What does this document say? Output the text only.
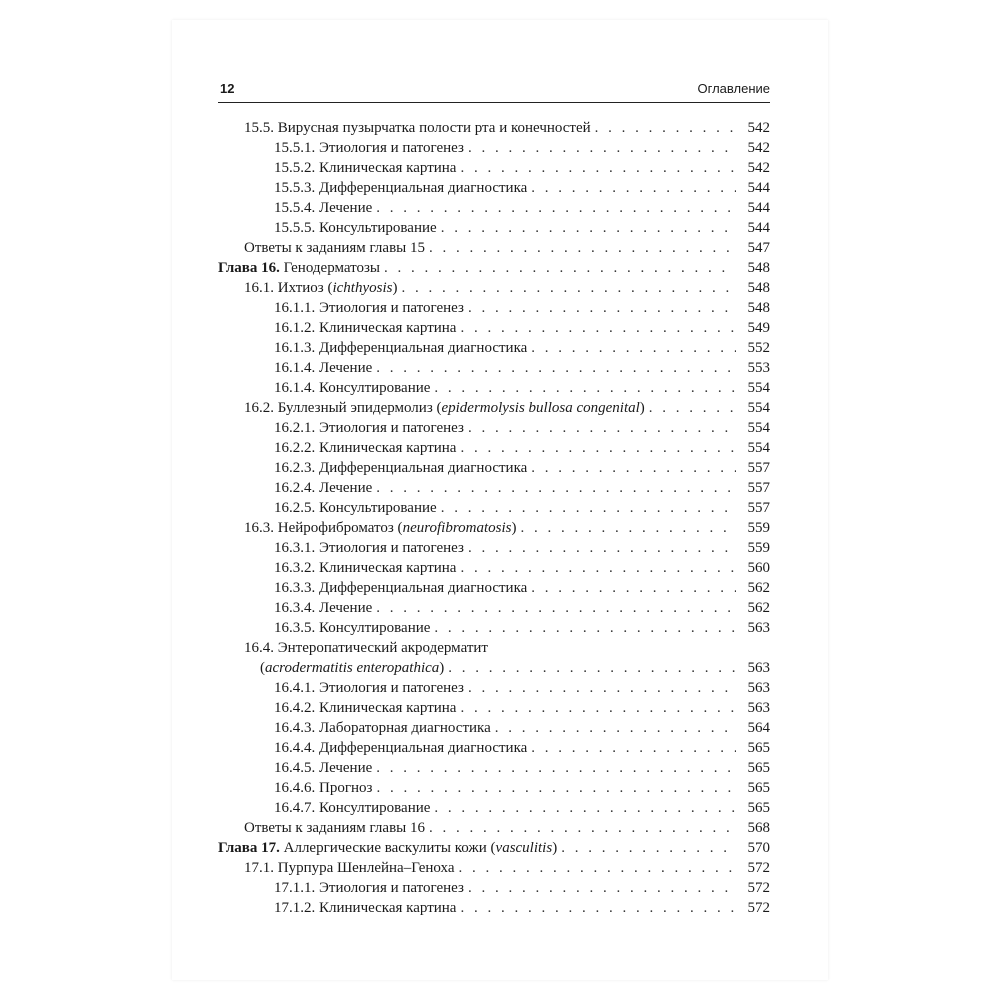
12	Оглавление
15.5. Вирусная пузырчатка полости рта и конечностей . . .	542
15.5.1. Этиология и патогенез . . .	542
15.5.2. Клиническая картина . . .	542
15.5.3. Дифференциальная диагностика . . .	544
15.5.4. Лечение . . .	544
15.5.5. Консультирование . . .	544
Ответы к заданиям главы 15 . . .	547
Глава 16. Генодерматозы . . .	548
16.1. Ихтиоз (ichthyosis) . . .	548
16.1.1. Этиология и патогенез . . .	548
16.1.2. Клиническая картина . . .	549
16.1.3. Дифференциальная диагностика . . .	552
16.1.4. Лечение . . .	553
16.1.4. Консултирование . . .	554
16.2. Буллезный эпидермолиз (epidermolysis bullosa congenital) . . .	554
16.2.1. Этиология и патогенез . . .	554
16.2.2. Клиническая картина . . .	554
16.2.3. Дифференциальная диагностика . . .	557
16.2.4. Лечение . . .	557
16.2.5. Консультирование . . .	557
16.3. Нейрофиброматоз (neurofibromatosis) . . .	559
16.3.1. Этиология и патогенез . . .	559
16.3.2. Клиническая картина . . .	560
16.3.3. Дифференциальная диагностика . . .	562
16.3.4. Лечение . . .	562
16.3.5. Консултирование . . .	563
16.4. Энтеропатический акродерматит
(acrodermatitis enteropathica) . . .	563
16.4.1. Этиология и патогенез . . .	563
16.4.2. Клиническая картина . . .	563
16.4.3. Лабораторная диагностика . . .	564
16.4.4. Дифференциальная диагностика . . .	565
16.4.5. Лечение . . .	565
16.4.6. Прогноз . . .	565
16.4.7. Консултирование . . .	565
Ответы к заданиям главы 16 . . .	568
Глава 17. Аллергические васкулиты кожи (vasculitis) . . .	570
17.1. Пурпура Шенлейна–Геноха . . .	572
17.1.1. Этиология и патогенез . . .	572
17.1.2. Клиническая картина . . .	572
